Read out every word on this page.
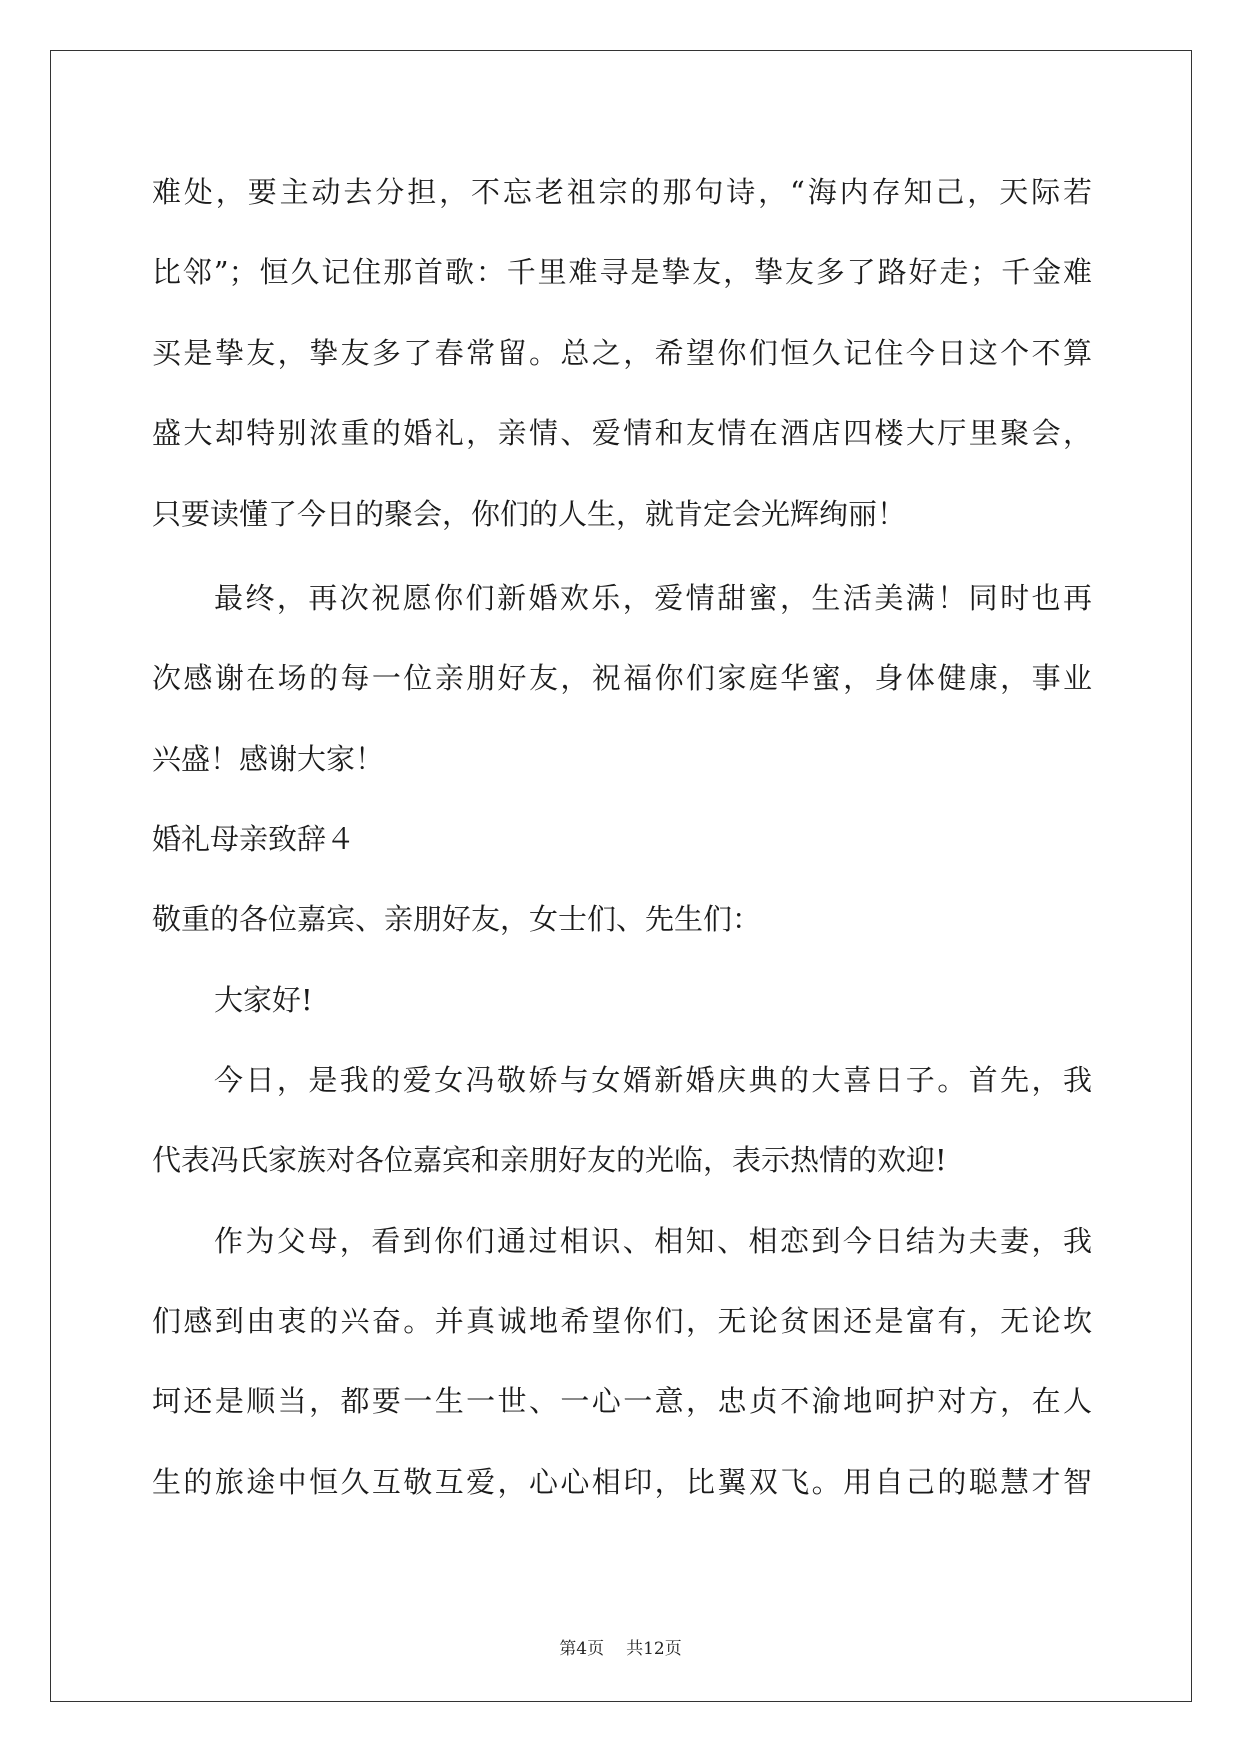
难处，要主动去分担，不忘老祖宗的那句诗，“海内存知己，天际若
比邻”；恒久记住那首歌：千里难寻是挚友，挚友多了路好走；千金难
买是挚友，挚友多了春常留。总之，希望你们恒久记住今日这个不算
盛大却特别浓重的婚礼，亲情、爱情和友情在酒店四楼大厅里聚会，
只要读懂了今日的聚会，你们的人生，就肯定会光辉绚丽！
最终，再次祝愿你们新婚欢乐，爱情甜蜜，生活美满！同时也再
次感谢在场的每一位亲朋好友，祝福你们家庭华蜜，身体健康，事业
兴盛！感谢大家！
婚礼母亲致辞４
敬重的各位嘉宾、亲朋好友，女士们、先生们：
大家好!
今日，是我的爱女冯敬娇与女婿新婚庆典的大喜日子。首先，我
代表冯氏家族对各位嘉宾和亲朋好友的光临，表示热情的欢迎!
作为父母，看到你们通过相识、相知、相恋到今日结为夫妻，我
们感到由衷的兴奋。并真诚地希望你们，无论贫困还是富有，无论坎
坷还是顺当，都要一生一世、一心一意，忠贞不渝地呵护对方，在人
生的旅途中恒久互敬互爱，心心相印，比翼双飞。用自己的聪慧才智
第4页 共12页
